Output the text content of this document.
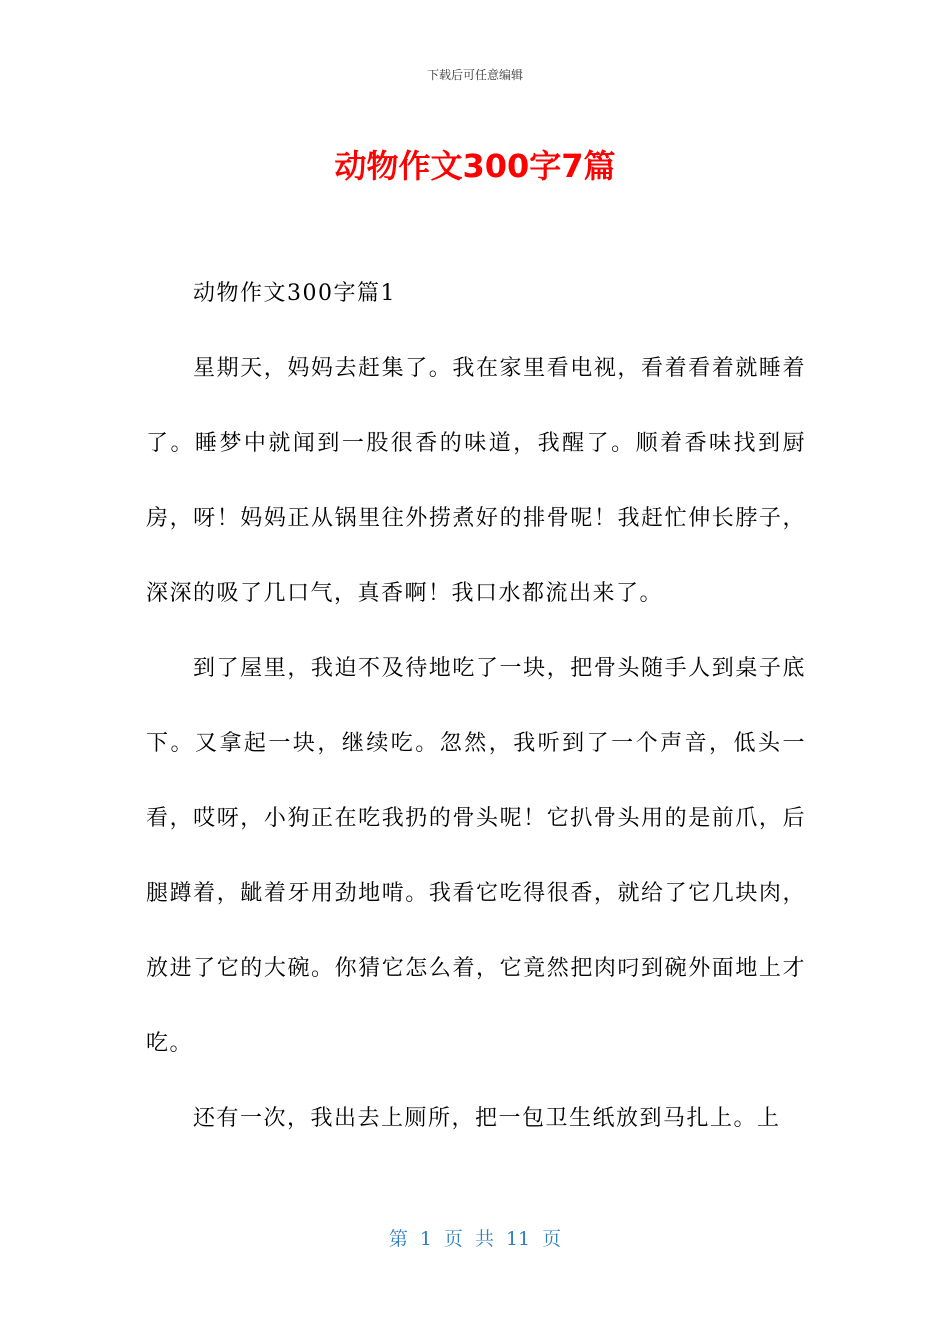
下载后可任意编辑
动物作文300字7篇

动物作文300字篇1

星期天，妈妈去赶集了。我在家里看电视，看着看着就睡着了。睡梦中就闻到一股很香的味道，我醒了。顺着香味找到厨房，呀！妈妈正从锅里往外捞煮好的排骨呢！我赶忙伸长脖子，深深的吸了几口气，真香啊！我口水都流出来了。

到了屋里，我迫不及待地吃了一块，把骨头随手人到桌子底下。又拿起一块，继续吃。忽然，我听到了一个声音，低头一看，哎呀，小狗正在吃我扔的骨头呢！它扒骨头用的是前爪，后腿蹲着，龇着牙用劲地啃。我看它吃得很香，就给了它几块肉，放进了它的大碗。你猜它怎么着，它竟然把肉叼到碗外面地上才吃。

还有一次，我出去上厕所，把一包卫生纸放到马扎上。上

第 1 页 共 11 页
